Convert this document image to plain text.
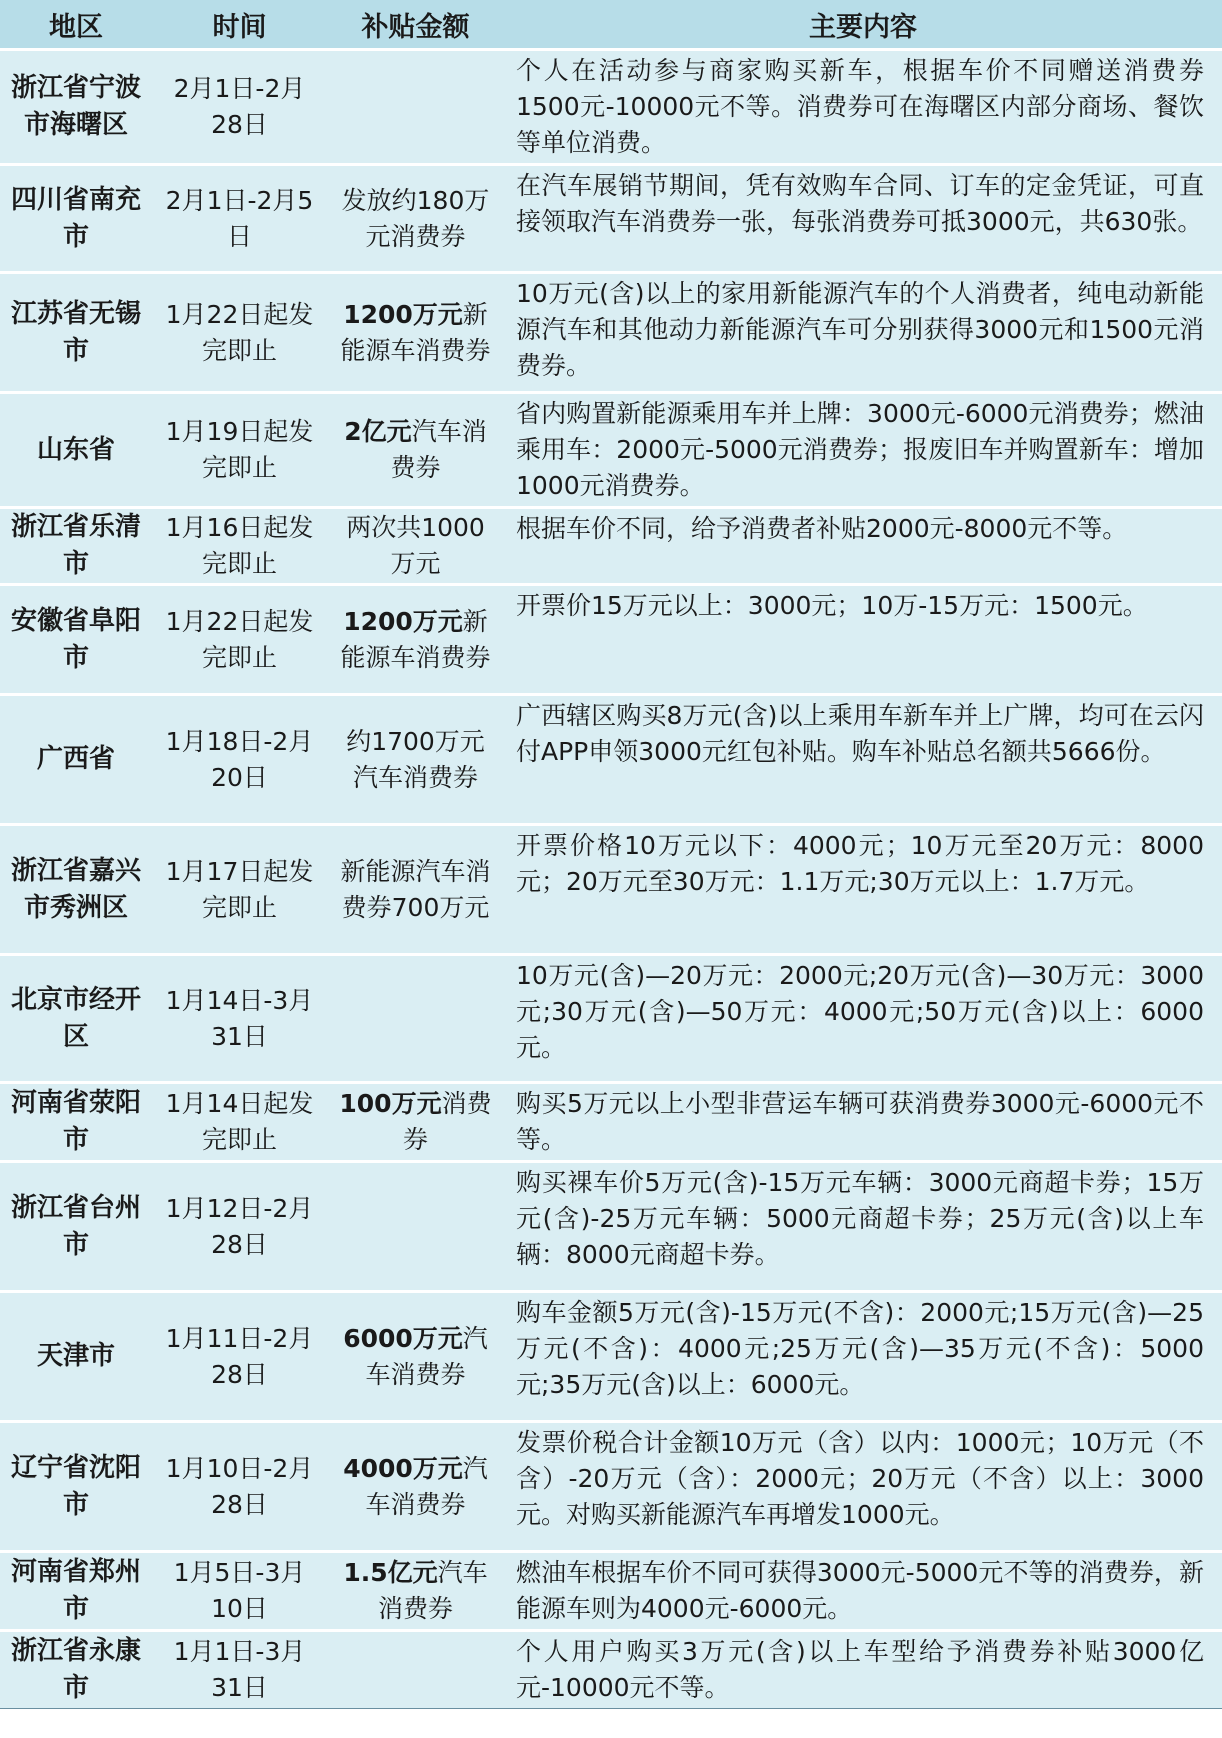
地区	时间	补贴金额	主要内容
浙江省宁波市海曙区	2月1日-2月28日		个人在活动参与商家购买新车，根据车价不同赠送消费券1500元-10000元不等。消费券可在海曙区内部分商场、餐饮等单位消费。
四川省南充市	2月1日-2月5日	发放约180万元消费券	在汽车展销节期间，凭有效购车合同、订车的定金凭证，可直接领取汽车消费券一张，每张消费券可抵3000元，共630张。
江苏省无锡市	1月22日起发完即止	1200万元新能源车消费券	10万元(含)以上的家用新能源汽车的个人消费者，纯电动新能源汽车和其他动力新能源汽车可分别获得3000元和1500元消费券。
山东省	1月19日起发完即止	2亿元汽车消费券	省内购置新能源乘用车并上牌：3000元-6000元消费券；燃油乘用车：2000元-5000元消费券；报废旧车并购置新车：增加1000元消费券。
浙江省乐清市	1月16日起发完即止	两次共1000万元	根据车价不同，给予消费者补贴2000元-8000元不等。
安徽省阜阳市	1月22日起发完即止	1200万元新能源车消费券	开票价15万元以上：3000元；10万-15万元：1500元。
广西省	1月18日-2月20日	约1700万元汽车消费券	广西辖区购买8万元(含)以上乘用车新车并上广牌，均可在云闪付APP申领3000元红包补贴。购车补贴总名额共5666份。
浙江省嘉兴市秀洲区	1月17日起发完即止	新能源汽车消费券700万元	开票价格10万元以下：4000元；10万元至20万元：8000元；20万元至30万元：1.1万元;30万元以上：1.7万元。
北京市经开区	1月14日-3月31日		10万元(含)—20万元：2000元;20万元(含)—30万元：3000元;30万元(含)—50万元：4000元;50万元(含)以上：6000元。
河南省荥阳市	1月14日起发完即止	100万元消费券	购买5万元以上小型非营运车辆可获消费券3000元-6000元不等。
浙江省台州市	1月12日-2月28日		购买裸车价5万元(含)-15万元车辆：3000元商超卡券；15万元(含)-25万元车辆：5000元商超卡券；25万元(含)以上车辆：8000元商超卡券。
天津市	1月11日-2月28日	6000万元汽车消费券	购车金额5万元(含)-15万元(不含)：2000元;15万元(含)—25万元(不含)：4000元;25万元(含)—35万元(不含)：5000元;35万元(含)以上：6000元。
辽宁省沈阳市	1月10日-2月28日	4000万元汽车消费券	发票价税合计金额10万元（含）以内：1000元；10万元（不含）-20万元（含）：2000元；20万元（不含）以上：3000元。对购买新能源汽车再增发1000元。
河南省郑州市	1月5日-3月10日	1.5亿元汽车消费券	燃油车根据车价不同可获得3000元-5000元不等的消费券，新能源车则为4000元-6000元。
浙江省永康市	1月1日-3月31日		个人用户购买3万元(含)以上车型给予消费券补贴3000亿元-10000元不等。
